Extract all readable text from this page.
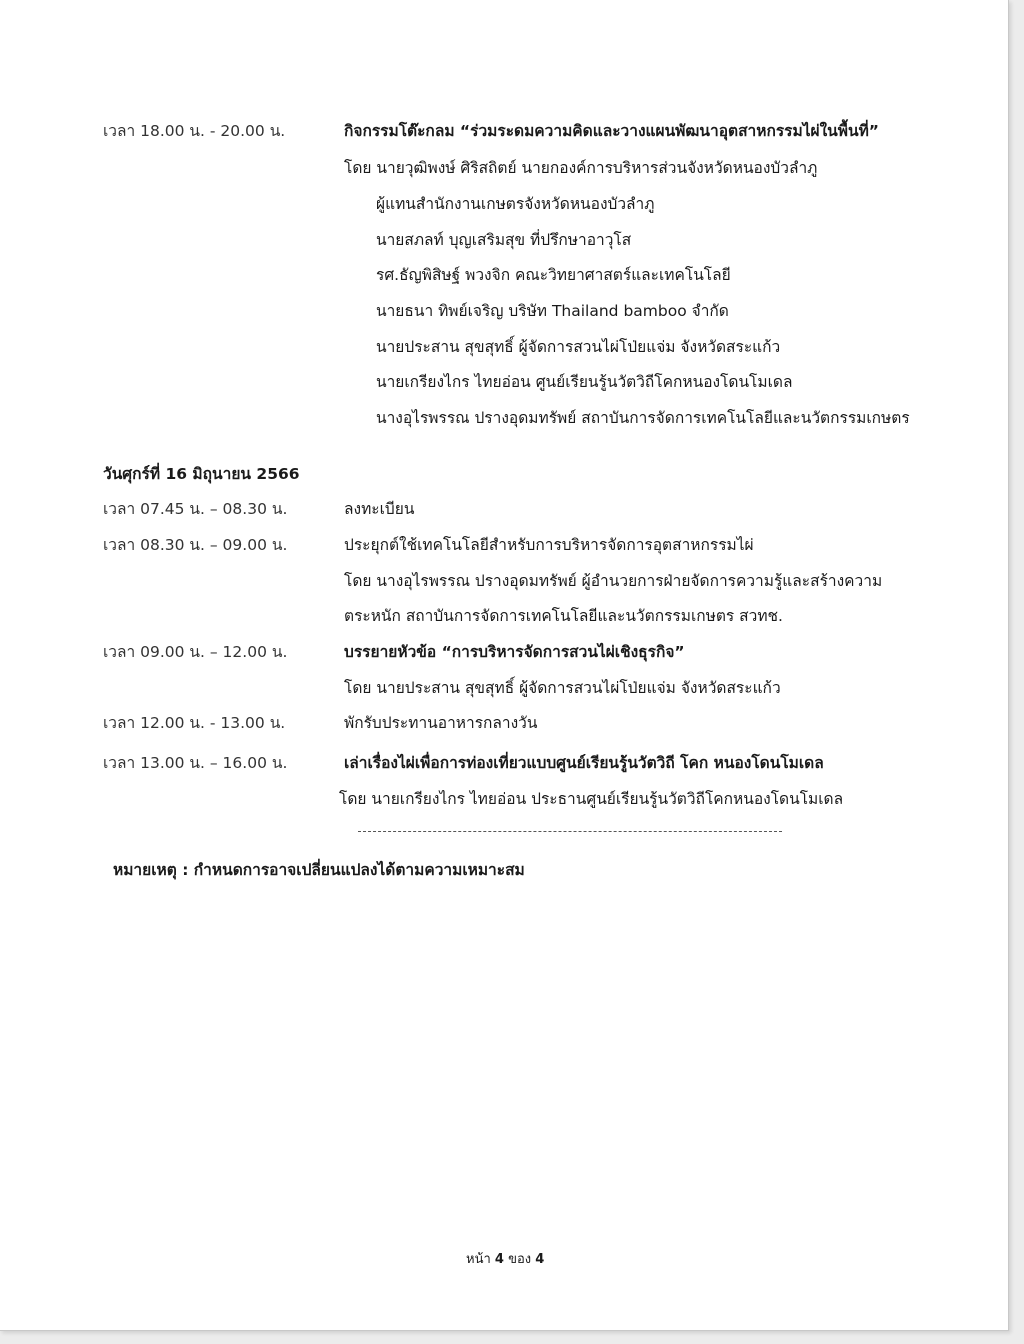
เวลา 18.00 น. - 20.00 น.	กิจกรรมโต๊ะกลม “ร่วมระดมความคิดและวางแผนพัฒนาอุตสาหกรรมไผ่ในพื้นที่”
โดย นายวุฒิพงษ์ ศิริสถิตย์ นายกองค์การบริหารส่วนจังหวัดหนองบัวลำภู
ผู้แทนสำนักงานเกษตรจังหวัดหนองบัวลำภู
นายสภลท์ บุญเสริมสุข ที่ปรึกษาอาวุโส
รศ.ธัญพิสิษฐ์ พวงจิก คณะวิทยาศาสตร์และเทคโนโลยี
นายธนา ทิพย์เจริญ บริษัท Thailand bamboo จำกัด
นายประสาน สุขสุทธิ์ ผู้จัดการสวนไผ่โป่ยแจ่ม จังหวัดสระแก้ว
นายเกรียงไกร ไทยอ่อน ศูนย์เรียนรู้นวัตวิถีโคกหนองโดนโมเดล
นางอุไรพรรณ ปรางอุดมทรัพย์ สถาบันการจัดการเทคโนโลยีและนวัตกรรมเกษตร
วันศุกร์ที่ 16 มิถุนายน 2566
เวลา 07.45 น. – 08.30 น.	ลงทะเบียน
เวลา 08.30 น. – 09.00 น.	ประยุกต์ใช้เทคโนโลยีสำหรับการบริหารจัดการอุตสาหกรรมไผ่
โดย นางอุไรพรรณ ปรางอุดมทรัพย์ ผู้อำนวยการฝ่ายจัดการความรู้และสร้างความ
ตระหนัก สถาบันการจัดการเทคโนโลยีและนวัตกรรมเกษตร สวทช.
เวลา 09.00 น. – 12.00 น.	บรรยายหัวข้อ “การบริหารจัดการสวนไผ่เชิงธุรกิจ”
โดย นายประสาน สุขสุทธิ์ ผู้จัดการสวนไผ่โป่ยแจ่ม จังหวัดสระแก้ว
เวลา 12.00 น. - 13.00 น.	พักรับประทานอาหารกลางวัน
เวลา 13.00 น. – 16.00 น.	เล่าเรื่องไผ่เพื่อการท่องเที่ยวแบบศูนย์เรียนรู้นวัตวิถี โคก หนองโดนโมเดล
โดย นายเกรียงไกร ไทยอ่อน ประธานศูนย์เรียนรู้นวัตวิถีโคกหนองโดนโมเดล
หมายเหตุ : กำหนดการอาจเปลี่ยนแปลงได้ตามความเหมาะสม
หน้า 4 ของ 4
